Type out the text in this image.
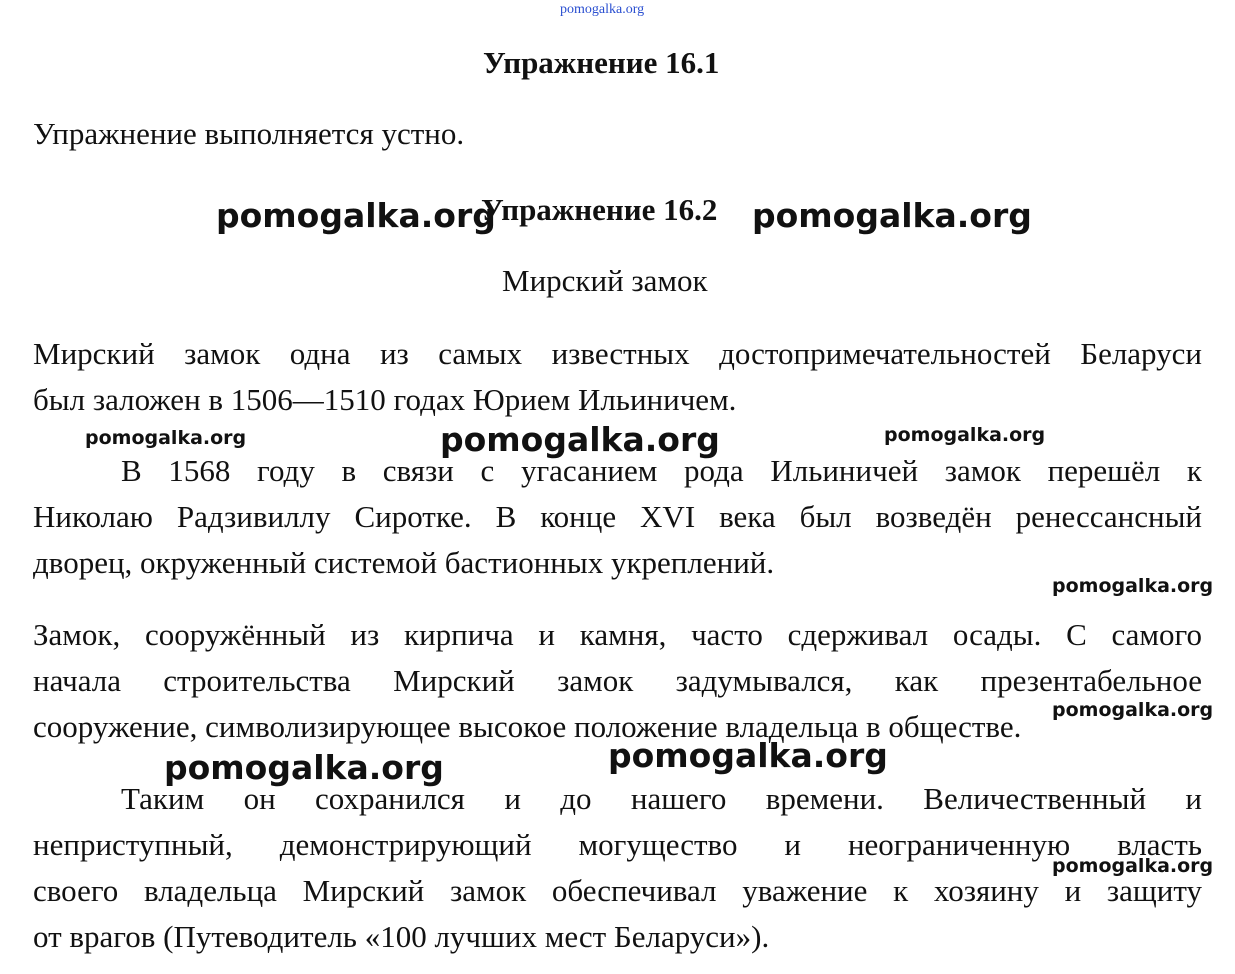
pomogalka.org
Упражнение 16.1
Упражнение выполняется устно.
Упражнение 16.2
Мирский замок
Мирский замок одна из самых известных достопримечательностей Беларуси
был заложен в 1506—1510 годах Юрием Ильиничем.
В 1568 году в связи с угасанием рода Ильиничей замок перешёл к
Николаю Радзивиллу Сиротке. В конце XVI века был возведён ренессансный
дворец, окруженный системой бастионных укреплений.
Замок, сооружённый из кирпича и камня, часто сдерживал осады. С самого
начала строительства Мирский замок задумывался, как презентабельное
сооружение, символизирующее высокое положение владельца в обществе.
Таким он сохранился и до нашего времени. Величественный и
неприступный, демонстрирующий могущество и неограниченную власть
своего владельца Мирский замок обеспечивал уважение к хозяину и защиту
от врагов (Путеводитель «100 лучших мест Беларуси»).
pomogalka.org	pomogalka.org
pomogalka.org	pomogalka.org	pomogalka.org
pomogalka.org
pomogalka.org
pomogalka.org	pomogalka.org
pomogalka.org
